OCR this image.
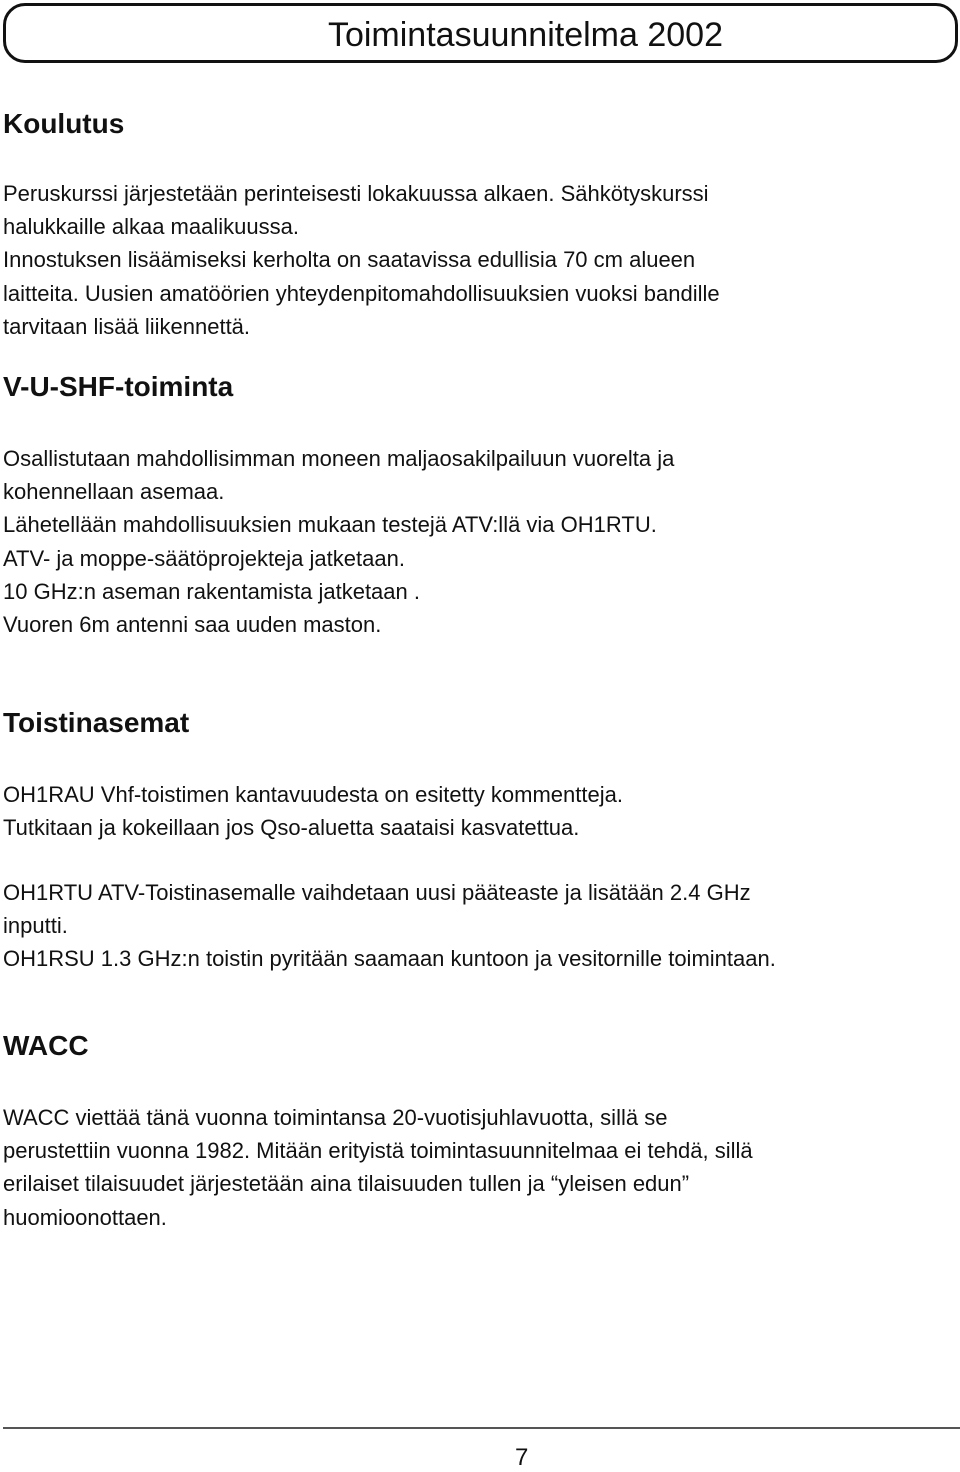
Toimintasuunnitelma 2002
Koulutus
Peruskurssi järjestetään perinteisesti lokakuussa alkaen. Sähkötyskurssi
halukkaille alkaa maalikuussa.
Innostuksen lisäämiseksi kerholta on saatavissa edullisia 70 cm alueen
laitteita. Uusien amatöörien yhteydenpitomahdollisuuksien vuoksi bandille
tarvitaan lisää liikennettä.
V-U-SHF-toiminta
Osallistutaan mahdollisimman moneen maljaosakilpailuun vuorelta ja
kohennellaan asemaa.
Lähetellään mahdollisuuksien mukaan testejä ATV:llä via OH1RTU.
ATV- ja moppe-säätöprojekteja jatketaan.
10 GHz:n aseman rakentamista jatketaan .
Vuoren 6m antenni saa uuden maston.
Toistinasemat
OH1RAU Vhf-toistimen kantavuudesta on esitetty kommentteja.
Tutkitaan ja kokeillaan jos Qso-aluetta saataisi kasvatettua.
OH1RTU ATV-Toistinasemalle vaihdetaan uusi pääteaste ja lisätään 2.4 GHz
inputti.
OH1RSU 1.3 GHz:n toistin pyritään saamaan kuntoon ja vesitornille toimintaan.
WACC
WACC viettää tänä vuonna toimintansa 20-vuotisjuhlavuotta, sillä se
perustettiin vuonna 1982. Mitään erityistä toimintasuunnitelmaa ei tehdä, sillä
erilaiset tilaisuudet järjestetään aina tilaisuuden tullen ja “yleisen edun”
huomioonottaen.
7
